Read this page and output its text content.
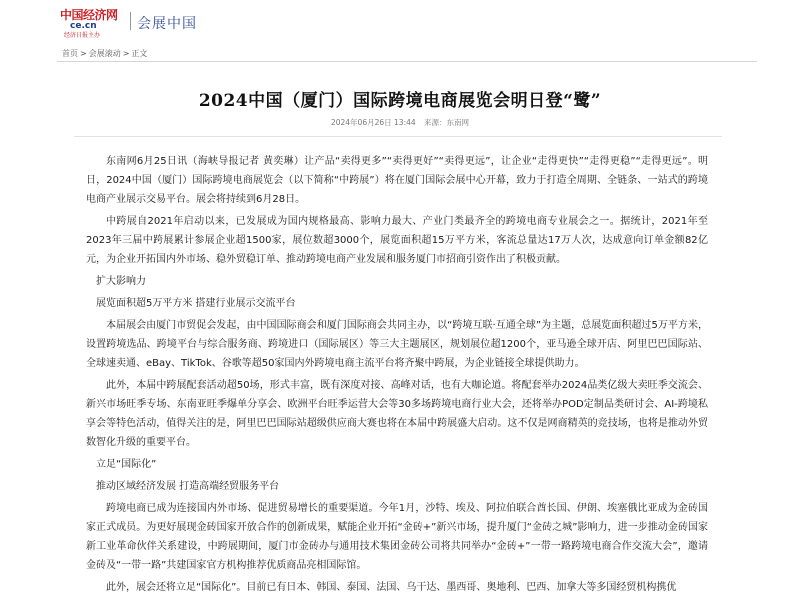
中国经济网
ce.cn
经济日报主办
会展中国
首页 > 会展滚动 > 正文
2024中国（厦门）国际跨境电商展览会明日登“鹭”
2024年06月26日 13:44 来源：东南网

东南网6月25日讯（海峡导报记者 黄奕琳）让产品“卖得更多”“卖得更好”“卖得更远”，让企业“走得更快”“走得更稳”“走得更远”。明日，2024中国（厦门）国际跨境电商展览会（以下简称“中跨展”）将在厦门国际会展中心开幕，致力于打造全周期、全链条、一站式的跨境电商产业展示交易平台。展会将持续到6月28日。

中跨展自2021年启动以来，已发展成为国内规格最高、影响力最大、产业门类最齐全的跨境电商专业展会之一。据统计，2021年至2023年三届中跨展累计参展企业超1500家，展位数超3000个，展览面积超15万平方米，客流总量达17万人次，达成意向订单金额82亿元，为企业开拓国内外市场、稳外贸稳订单、推动跨境电商产业发展和服务厦门市招商引资作出了积极贡献。

扩大影响力

展览面积超5万平方米 搭建行业展示交流平台

本届展会由厦门市贸促会发起，由中国国际商会和厦门国际商会共同主办，以“跨境互联·互通全球”为主题，总展览面积超过5万平方米，设置跨境选品、跨境平台与综合服务商、跨境进口（国际展区）等三大主题展区，规划展位超1200个，亚马逊全球开店、阿里巴巴国际站、全球速卖通、eBay、TikTok、谷歌等超50家国内外跨境电商主流平台将齐聚中跨展，为企业链接全球提供助力。

此外，本届中跨展配套活动超50场，形式丰富，既有深度对接、高峰对话，也有大咖论道。将配套举办2024品类亿级大卖旺季交流会、新兴市场旺季专场、东南亚旺季爆单分享会、欧洲平台旺季运营大会等30多场跨境电商行业大会，还将举办POD定制品类研讨会、AI-跨境私享会等特色活动，值得关注的是，阿里巴巴国际站超级供应商大赛也将在本届中跨展盛大启动。这不仅是网商精英的竞技场，也将是推动外贸数智化升级的重要平台。

立足“国际化”

推动区域经济发展 打造高端经贸服务平台

跨境电商已成为连接国内外市场、促进贸易增长的重要渠道。今年1月，沙特、埃及、阿拉伯联合酋长国、伊朗、埃塞俄比亚成为金砖国家正式成员。为更好展现金砖国家开放合作的创新成果，赋能企业开拓“金砖+”新兴市场，提升厦门“金砖之城”影响力，进一步推动金砖国家新工业革命伙伴关系建设，中跨展期间，厦门市金砖办与通用技术集团金砖公司将共同举办“金砖+”一带一路跨境电商合作交流大会”，邀请金砖及“一带一路”共建国家官方机构推荐优质商品亮相国际馆。

此外，展会还将立足“国际化”。目前已有日本、韩国、泰国、法国、乌干达、墨西哥、奥地利、巴西、加拿大等多国经贸机构携优
